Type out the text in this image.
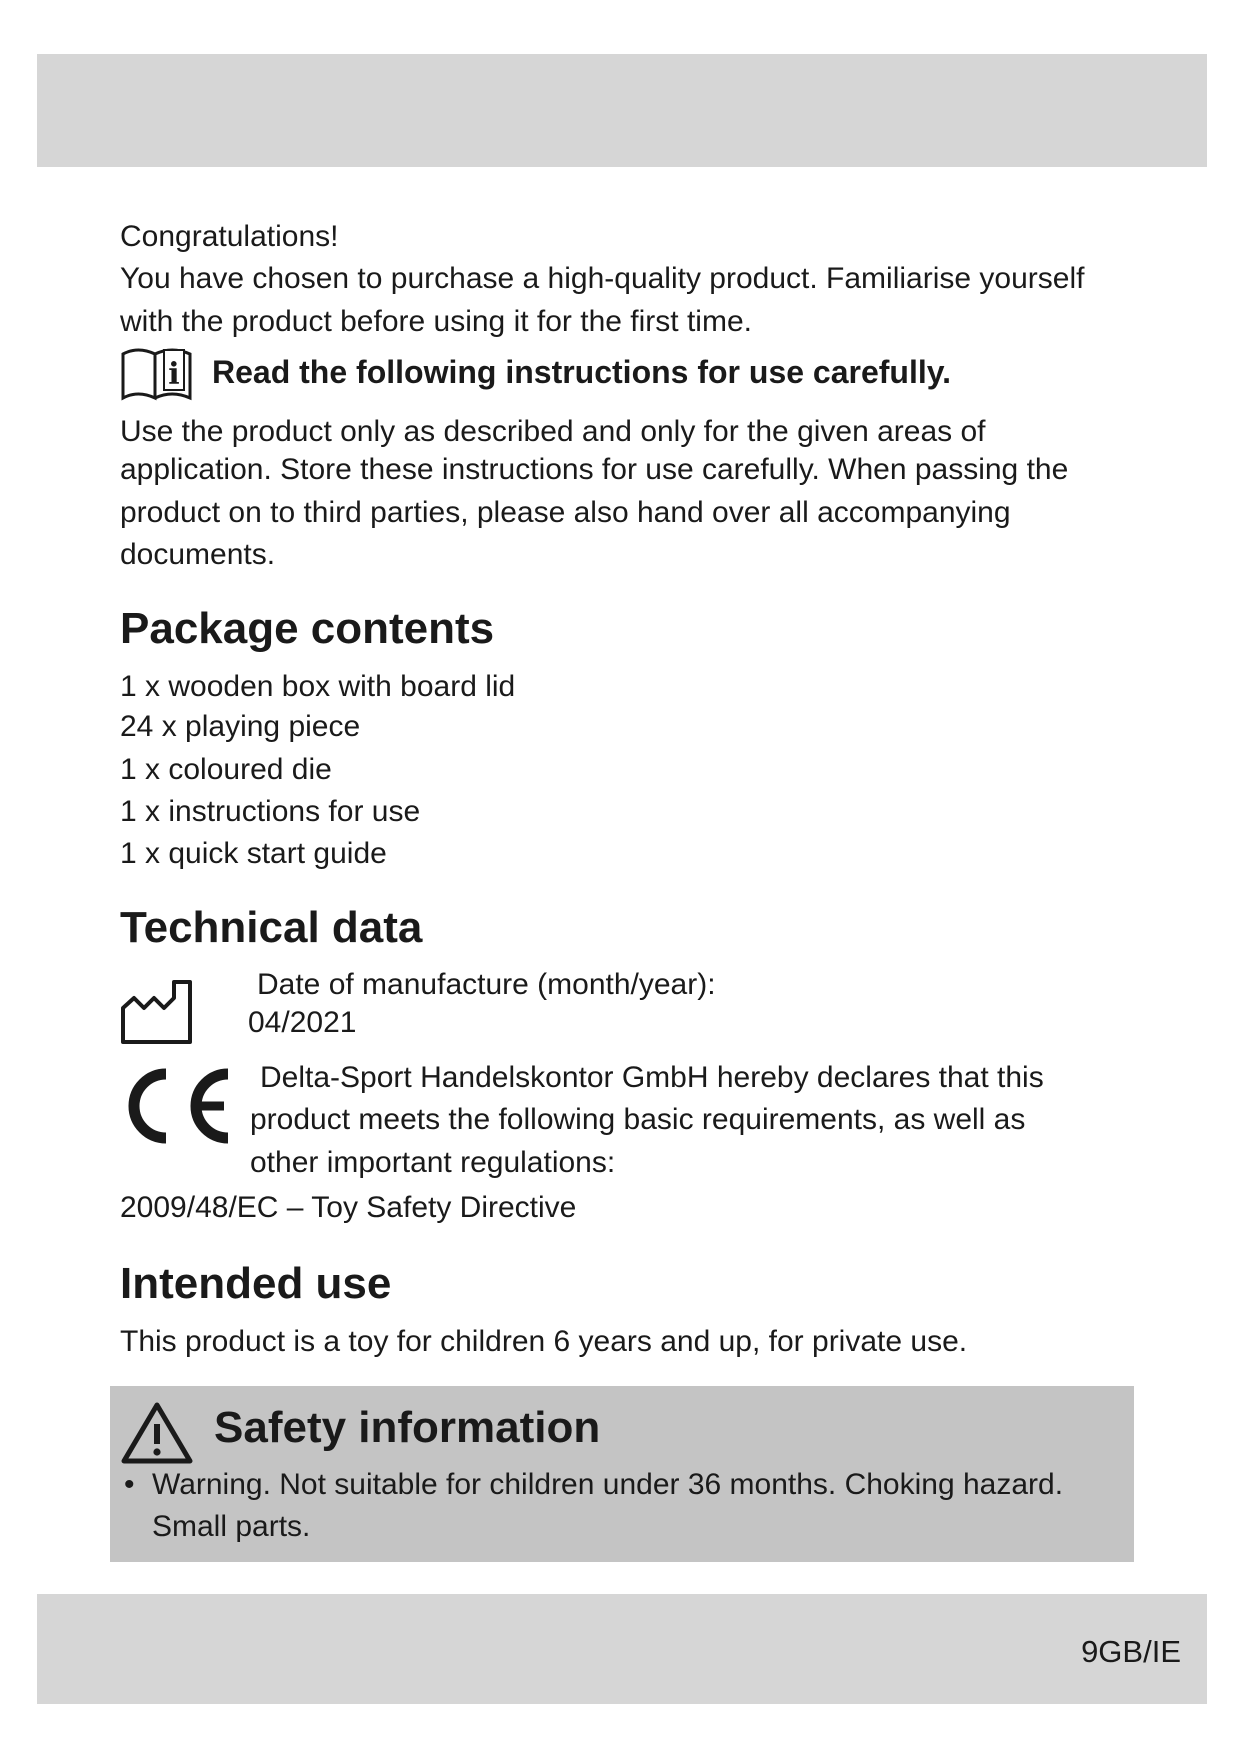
Congratulations!
You have chosen to purchase a high-quality product. Familiarise yourself
with the product before using it for the first time.
i Read the following instructions for use carefully.
Use the product only as described and only for the given areas of
application. Store these instructions for use carefully. When passing the
product on to third parties, please also hand over all accompanying
documents.
Package contents
1 x wooden box with board lid
24 x playing piece
1 x coloured die
1 x instructions for use
1 x quick start guide
Technical data
Date of manufacture (month/year):
04/2021
Delta-Sport Handelskontor GmbH hereby declares that this
product meets the following basic requirements, as well as
other important regulations:
2009/48/EC – Toy Safety Directive
Intended use
This product is a toy for children 6 years and up, for private use.
Safety information
• Warning. Not suitable for children under 36 months. Choking hazard.
Small parts.
9GB/IE
